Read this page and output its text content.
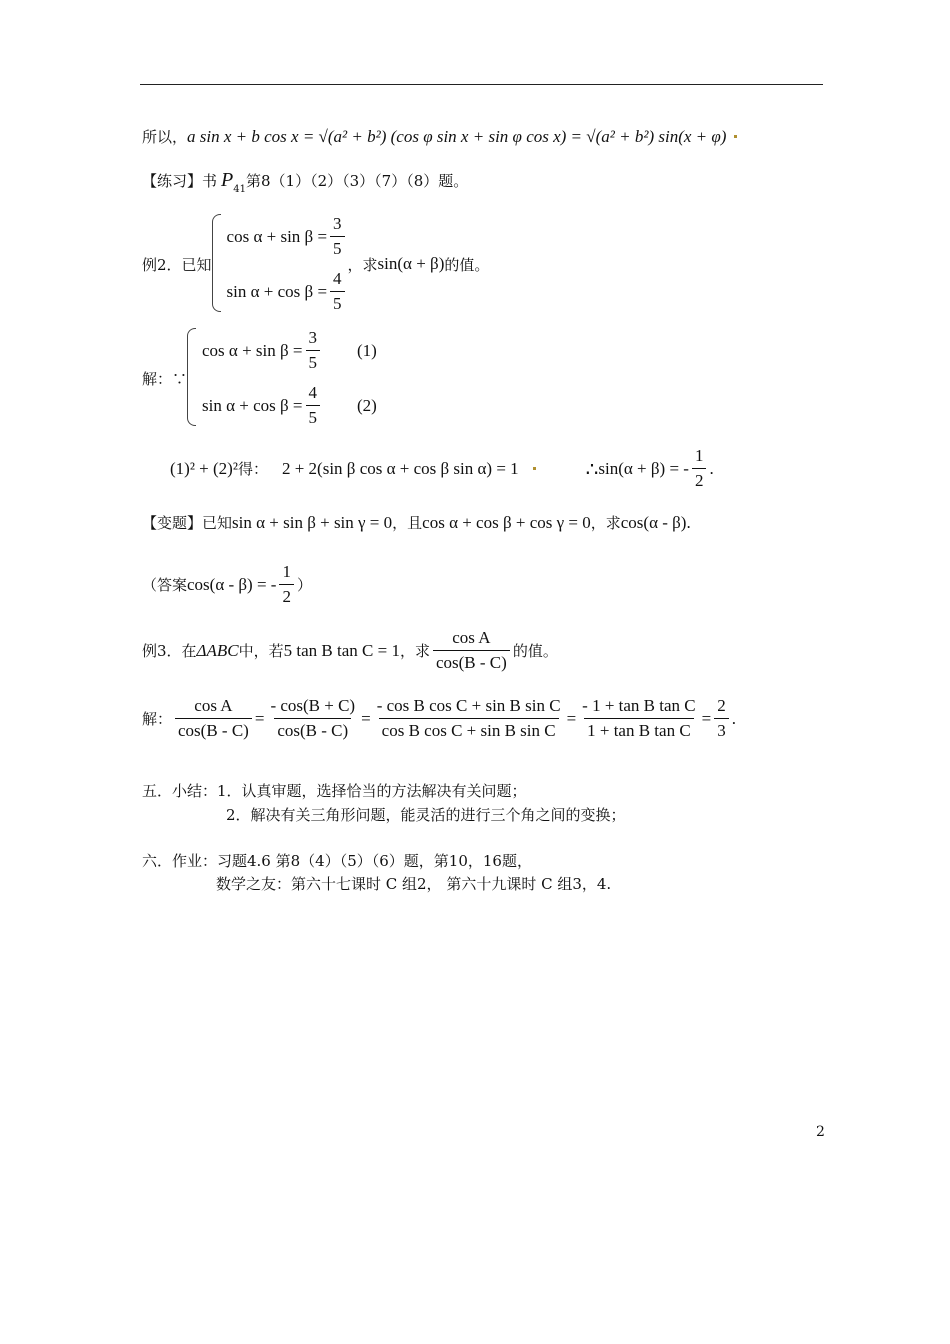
所以， a sin x + b cos x = √(a² + b²) (cos φ sin x + sin φ cos x) = √(a² + b²) sin(x + φ)
【练习】 书 $P_{41}$ 第8（1）（2）（3）（7）（8）题。
例2．已知
$\cos \alpha + \sin \beta = \frac{3}{5}$
$\sin \alpha + \cos \beta = \frac{4}{5}$
，求 sin(α + β) 的值。
解：∵
$\cos \alpha + \sin \beta = \frac{3}{5} (1)$
$\sin \alpha + \cos \beta = \frac{4}{5} (2)$
(1)² + (2)² 得： 2 + 2(sin β cos α + cos β sin α) = 1	∴ sin(α + β) = - $\frac{1}{2}$ .
【变题】 已知 sin α + sin β + sin γ = 0 ，且 cos α + cos β + cos γ = 0 ，求 cos(α - β) .
（答案 cos(α - β) = - $\frac{1}{2}$ ）
例3．在 ΔABC 中，若 5 tan B tan C = 1 ，求 $\frac{\text{cos A}}{\cos(B - C)}$ 的值。
解： $\frac{\text{cos A}}{\cos(B - C)} = \frac{- \cos(B + C)}{\cos(B - C)} = \frac{\text{- cos B cos C + sin B sin C}}{\text{cos B cos C + sin B sin C}} = \frac{\text{- 1 + tan B tan C}}{\text{1 + tan B tan C}} = \frac{2}{3}$ .
五．小结：1．认真审题，选择恰当的方法解决有关问题；
2．解决有关三角形问题，能灵活的进行三个角之间的变换；
六．作业：习题4.6 第8（4）（5）（6）题，第10，16题，
数学之友：第六十七课时 C 组2， 第六十九课时 C 组3，4.
2
